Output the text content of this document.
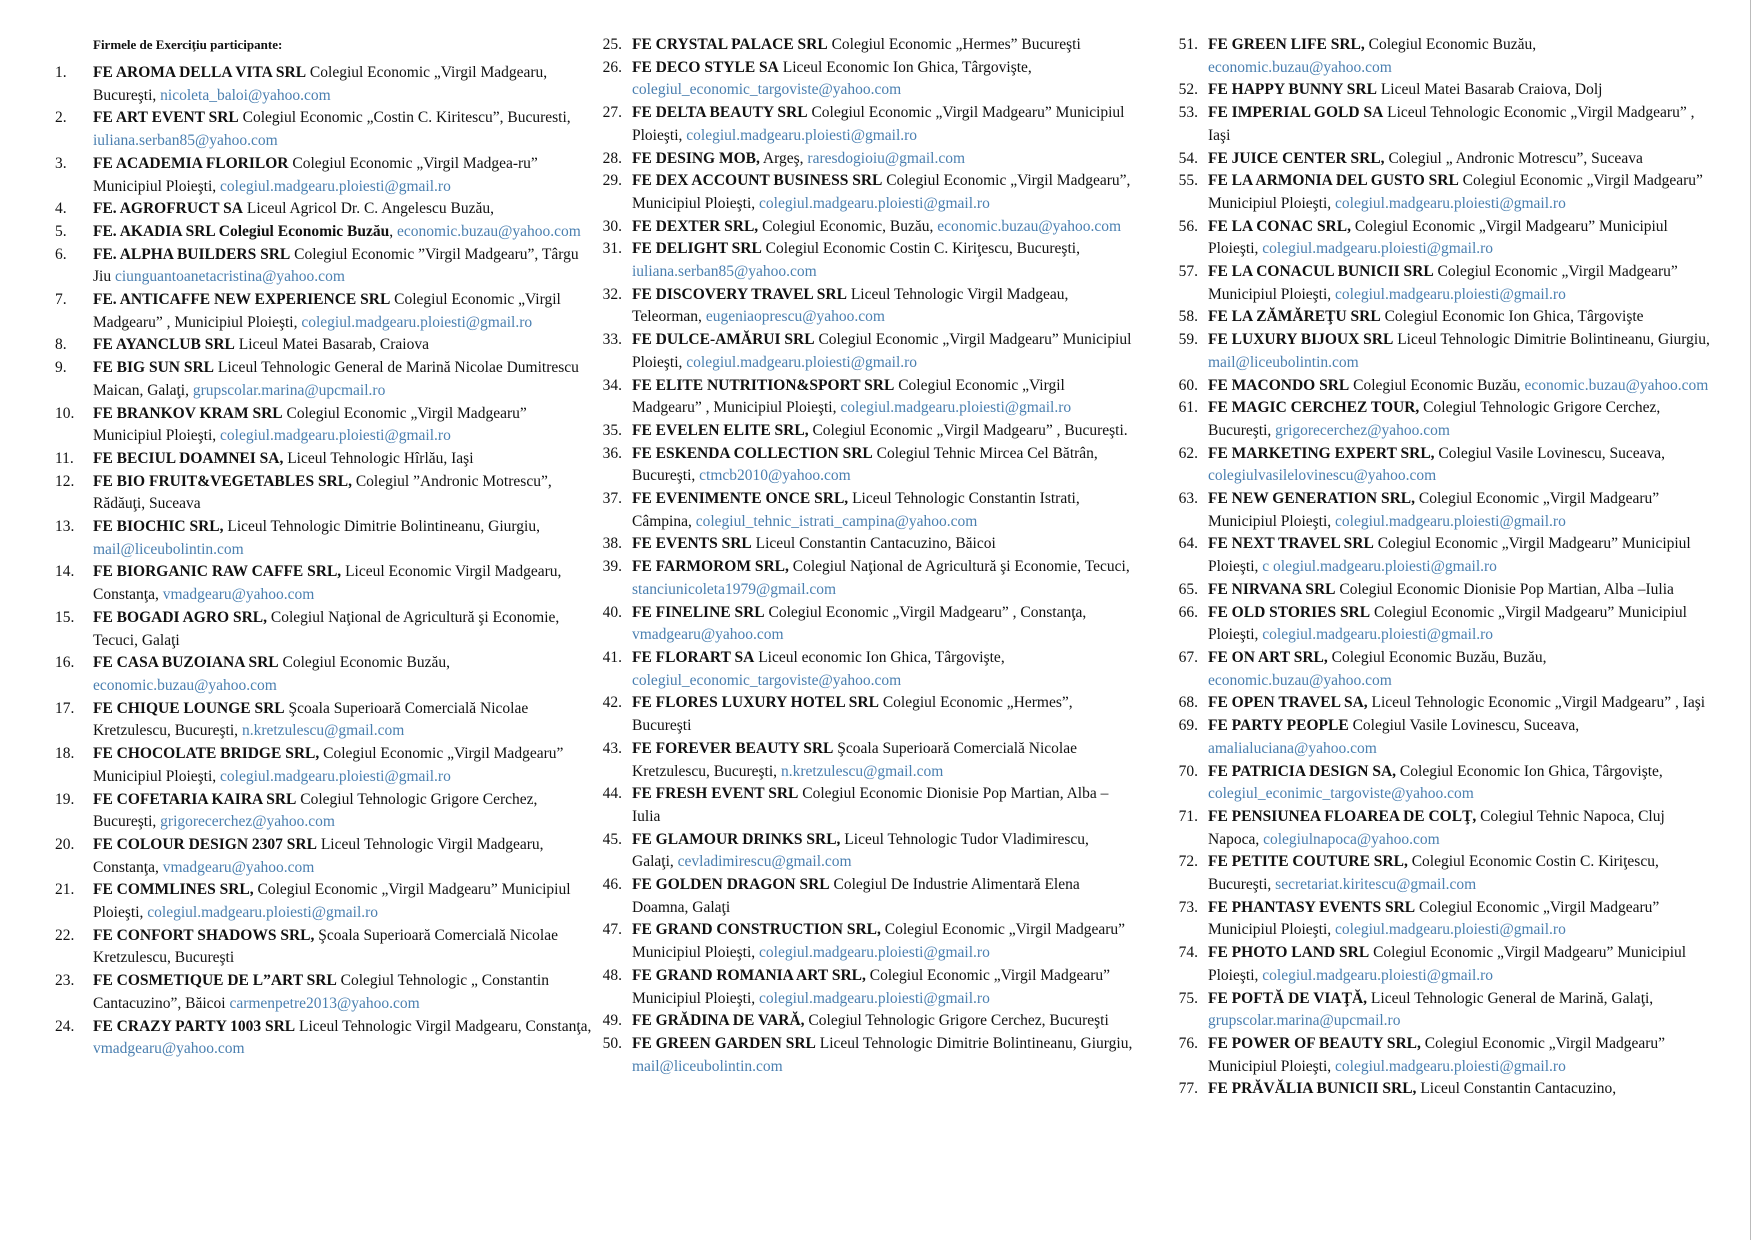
Firmele de Exerciţiu participante:
1. FE AROMA DELLA VITA SRL Colegiul Economic „Virgil Madgearu, Bucureşti, nicoleta_baloi@yahoo.com
2. FE ART EVENT SRL Colegiul Economic „Costin C. Kiritescu”, Bucuresti, iuliana.serban85@yahoo.com
3. FE ACADEMIA FLORILOR Colegiul Economic „Virgil Madgea-ru” Municipiul Ploieşti, colegiul.madgearu.ploiesti@gmail.ro
4. FE. AGROFRUCT SA Liceul Agricol Dr. C. Angelescu Buzău,
5. FE. AKADIA SRL Colegiul Economic Buzău, economic.buzau@yahoo.com
6. FE. ALPHA BUILDERS SRL Colegiul Economic ”Virgil Madgearu”, Târgu Jiu ciunguantoanetacristina@yahoo.com
7. FE. ANTICAFFE NEW EXPERIENCE SRL Colegiul Economic „Virgil Madgearu” , Municipiul Ploieşti, colegiul.madgearu.ploiesti@gmail.ro
8. FE AYANCLUB SRL Liceul Matei Basarab, Craiova
9. FE BIG SUN SRL Liceul Tehnologic General de Marină Nicolae Dumitrescu Maican, Galaţi, grupscolar.marina@upcmail.ro
10. FE BRANKOV KRAM SRL Colegiul Economic „Virgil Madgearu” Municipiul Ploieşti, colegiul.madgearu.ploiesti@gmail.ro
11. FE BECIUL DOAMNEI SA, Liceul Tehnologic Hîrlău, Iaşi
12. FE BIO FRUIT&VEGETABLES SRL, Colegiul ”Andronic Motrescu”, Rădăuţi, Suceava
13. FE BIOCHIC SRL, Liceul Tehnologic Dimitrie Bolintineanu, Giurgiu, mail@liceubolintin.com
14. FE BIORGANIC RAW CAFFE SRL, Liceul Economic Virgil Madgearu, Constanţa, vmadgearu@yahoo.com
15. FE BOGADI AGRO SRL, Colegiul Naţional de Agricultură şi Economie, Tecuci, Galaţi
16. FE CASA BUZOIANA SRL Colegiul Economic Buzău, economic.buzau@yahoo.com
17. FE CHIQUE LOUNGE SRL Şcoala Superioară Comercială Nicolae Kretzulescu, Bucureşti, n.kretzulescu@gmail.com
18. FE CHOCOLATE BRIDGE SRL, Colegiul Economic „Virgil Madgearu” Municipiul Ploieşti, colegiul.madgearu.ploiesti@gmail.ro
19. FE COFETARIA KAIRA SRL Colegiul Tehnologic Grigore Cerchez, Bucureşti, grigorecerchez@yahoo.com
20. FE COLOUR DESIGN 2307 SRL Liceul Tehnologic Virgil Madgearu, Constanţa, vmadgearu@yahoo.com
21. FE COMMLINES SRL, Colegiul Economic „Virgil Madgearu” Municipiul Ploieşti, colegiul.madgearu.ploiesti@gmail.ro
22. FE CONFORT SHADOWS SRL, Şcoala Superioară Comercială Nicolae Kretzulescu, Bucureşti
23. FE COSMETIQUE DE L”ART SRL Colegiul Tehnologic „ Constantin Cantacuzino”, Băicoi carmenpetre2013@yahoo.com
24. FE CRAZY PARTY 1003 SRL Liceul Tehnologic Virgil Madgearu, Constanţa, vmadgearu@yahoo.com
25. FE CRYSTAL PALACE SRL Colegiul Economic „Hermes” Bucureşti
26. FE DECO STYLE SA Liceul Economic Ion Ghica, Târgovişte, colegiul_economic_targoviste@yahoo.com
27. FE DELTA BEAUTY SRL Colegiul Economic „Virgil Madgearu” Municipiul Ploieşti, colegiul.madgearu.ploiesti@gmail.ro
28. FE DESING MOB, Argeş, raresdogioiu@gmail.com
29. FE DEX ACCOUNT BUSINESS SRL Colegiul Economic „Virgil Madgearu”, Municipiul Ploieşti, colegiul.madgearu.ploiesti@gmail.ro
30. FE DEXTER SRL, Colegiul Economic, Buzău, economic.buzau@yahoo.com
31. FE DELIGHT SRL Colegiul Economic Costin C. Kiriţescu, Bucureşti, iuliana.serban85@yahoo.com
32. FE DISCOVERY TRAVEL SRL Liceul Tehnologic Virgil Madgeau, Teleorman, eugeniaoprescu@yahoo.com
33. FE DULCE-AMĂRUI SRL Colegiul Economic „Virgil Madgearu” Municipiul Ploieşti, colegiul.madgearu.ploiesti@gmail.ro
34. FE ELITE NUTRITION&SPORT SRL Colegiul Economic „Virgil Madgearu” , Municipiul Ploieşti, colegiul.madgearu.ploiesti@gmail.ro
35. FE EVELEN ELITE SRL, Colegiul Economic „Virgil Madgearu” , Bucureşti.
36. FE ESKENDA COLLECTION SRL Colegiul Tehnic Mircea Cel Bătrân, Bucureşti, ctmcb2010@yahoo.com
37. FE EVENIMENTE ONCE SRL, Liceul Tehnologic Constantin Istrati, Câmpina, colegiul_tehnic_istrati_campina@yahoo.com
38. FE EVENTS SRL Liceul Constantin Cantacuzino, Băicoi
39. FE FARMOROM SRL, Colegiul Naţional de Agricultură şi Economie, Tecuci, stanciunicoleta1979@gmail.com
40. FE FINELINE SRL Colegiul Economic „Virgil Madgearu” , Constanţa, vmadgearu@yahoo.com
41. FE FLORART SA Liceul economic Ion Ghica, Târgovişte, colegiul_economic_targoviste@yahoo.com
42. FE FLORES LUXURY HOTEL SRL Colegiul Economic „Hermes”, Bucureşti
43. FE FOREVER BEAUTY SRL Şcoala Superioară Comercială Nicolae Kretzulescu, Bucureşti, n.kretzulescu@gmail.com
44. FE FRESH EVENT SRL Colegiul Economic Dionisie Pop Martian, Alba –Iulia
45. FE GLAMOUR DRINKS SRL, Liceul Tehnologic Tudor Vladimirescu, Galaţi, cevladimirescu@gmail.com
46. FE GOLDEN DRAGON SRL Colegiul De Industrie Alimentară Elena Doamna, Galaţi
47. FE GRAND CONSTRUCTION SRL, Colegiul Economic „Virgil Madgearu” Municipiul Ploieşti, colegiul.madgearu.ploiesti@gmail.ro
48. FE GRAND ROMANIA ART SRL, Colegiul Economic „Virgil Madgearu” Municipiul Ploieşti, colegiul.madgearu.ploiesti@gmail.ro
49. FE GRĂDINA DE VARĂ, Colegiul Tehnologic Grigore Cerchez, Bucureşti
50. FE GREEN GARDEN SRL Liceul Tehnologic Dimitrie Bolintineanu, Giurgiu, mail@liceubolintin.com
51. FE GREEN LIFE SRL, Colegiul Economic Buzău, economic.buzau@yahoo.com
52. FE HAPPY BUNNY SRL Liceul Matei Basarab Craiova, Dolj
53. FE IMPERIAL GOLD SA Liceul Tehnologic Economic „Virgil Madgearu” , Iaşi
54. FE JUICE CENTER SRL, Colegiul „ Andronic Motrescu”, Suceava
55. FE LA ARMONIA DEL GUSTO SRL Colegiul Economic „Virgil Madgearu” Municipiul Ploieşti, colegiul.madgearu.ploiesti@gmail.ro
56. FE LA CONAC SRL, Colegiul Economic „Virgil Madgearu” Municipiul Ploieşti, colegiul.madgearu.ploiesti@gmail.ro
57. FE LA CONACUL BUNICII SRL Colegiul Economic „Virgil Madgearu” Municipiul Ploieşti, colegiul.madgearu.ploiesti@gmail.ro
58. FE LA ZĂMĂREŢU SRL Colegiul Economic Ion Ghica, Târgovişte
59. FE LUXURY BIJOUX SRL Liceul Tehnologic Dimitrie Bolintineanu, Giurgiu, mail@liceubolintin.com
60. FE MACONDO SRL Colegiul Economic Buzău, economic.buzau@yahoo.com
61. FE MAGIC CERCHEZ TOUR, Colegiul Tehnologic Grigore Cerchez, Bucureşti, grigorecerchez@yahoo.com
62. FE MARKETING EXPERT SRL, Colegiul Vasile Lovinescu, Suceava, colegiulvasilelovinescu@yahoo.com
63. FE NEW GENERATION SRL, Colegiul Economic „Virgil Madgearu” Municipiul Ploieşti, colegiul.madgearu.ploiesti@gmail.ro
64. FE NEXT TRAVEL SRL Colegiul Economic „Virgil Madgearu” Municipiul Ploieşti, c olegiul.madgearu.ploiesti@gmail.ro
65. FE NIRVANA SRL Colegiul Economic Dionisie Pop Martian, Alba –Iulia
66. FE OLD STORIES SRL Colegiul Economic „Virgil Madgearu” Municipiul Ploieşti, colegiul.madgearu.ploiesti@gmail.ro
67. FE ON ART SRL, Colegiul Economic Buzău, Buzău, economic.buzau@yahoo.com
68. FE OPEN TRAVEL SA, Liceul Tehnologic Economic „Virgil Madgearu” , Iaşi
69. FE PARTY PEOPLE Colegiul Vasile Lovinescu, Suceava, amalialuciana@yahoo.com
70. FE PATRICIA DESIGN SA, Colegiul Economic Ion Ghica, Târgovişte, colegiul_econimic_targoviste@yahoo.com
71. FE PENSIUNEA FLOAREA DE COLŢ, Colegiul Tehnic Napoca, Cluj Napoca, colegiulnapoca@yahoo.com
72. FE PETITE COUTURE SRL, Colegiul Economic Costin C. Kiriţescu, Bucureşti, secretariat.kiritescu@gmail.com
73. FE PHANTASY EVENTS SRL Colegiul Economic „Virgil Madgearu” Municipiul Ploieşti, colegiul.madgearu.ploiesti@gmail.ro
74. FE PHOTO LAND SRL Colegiul Economic „Virgil Madgearu” Municipiul Ploieşti, colegiul.madgearu.ploiesti@gmail.ro
75. FE POFTĂ DE VIAŢĂ, Liceul Tehnologic General de Marină, Galaţi, grupscolar.marina@upcmail.ro
76. FE POWER OF BEAUTY SRL, Colegiul Economic „Virgil Madgearu” Municipiul Ploieşti, colegiul.madgearu.ploiesti@gmail.ro
77. FE PRĂVĂLIA BUNICII SRL, Liceul Constantin Cantacuzino,
